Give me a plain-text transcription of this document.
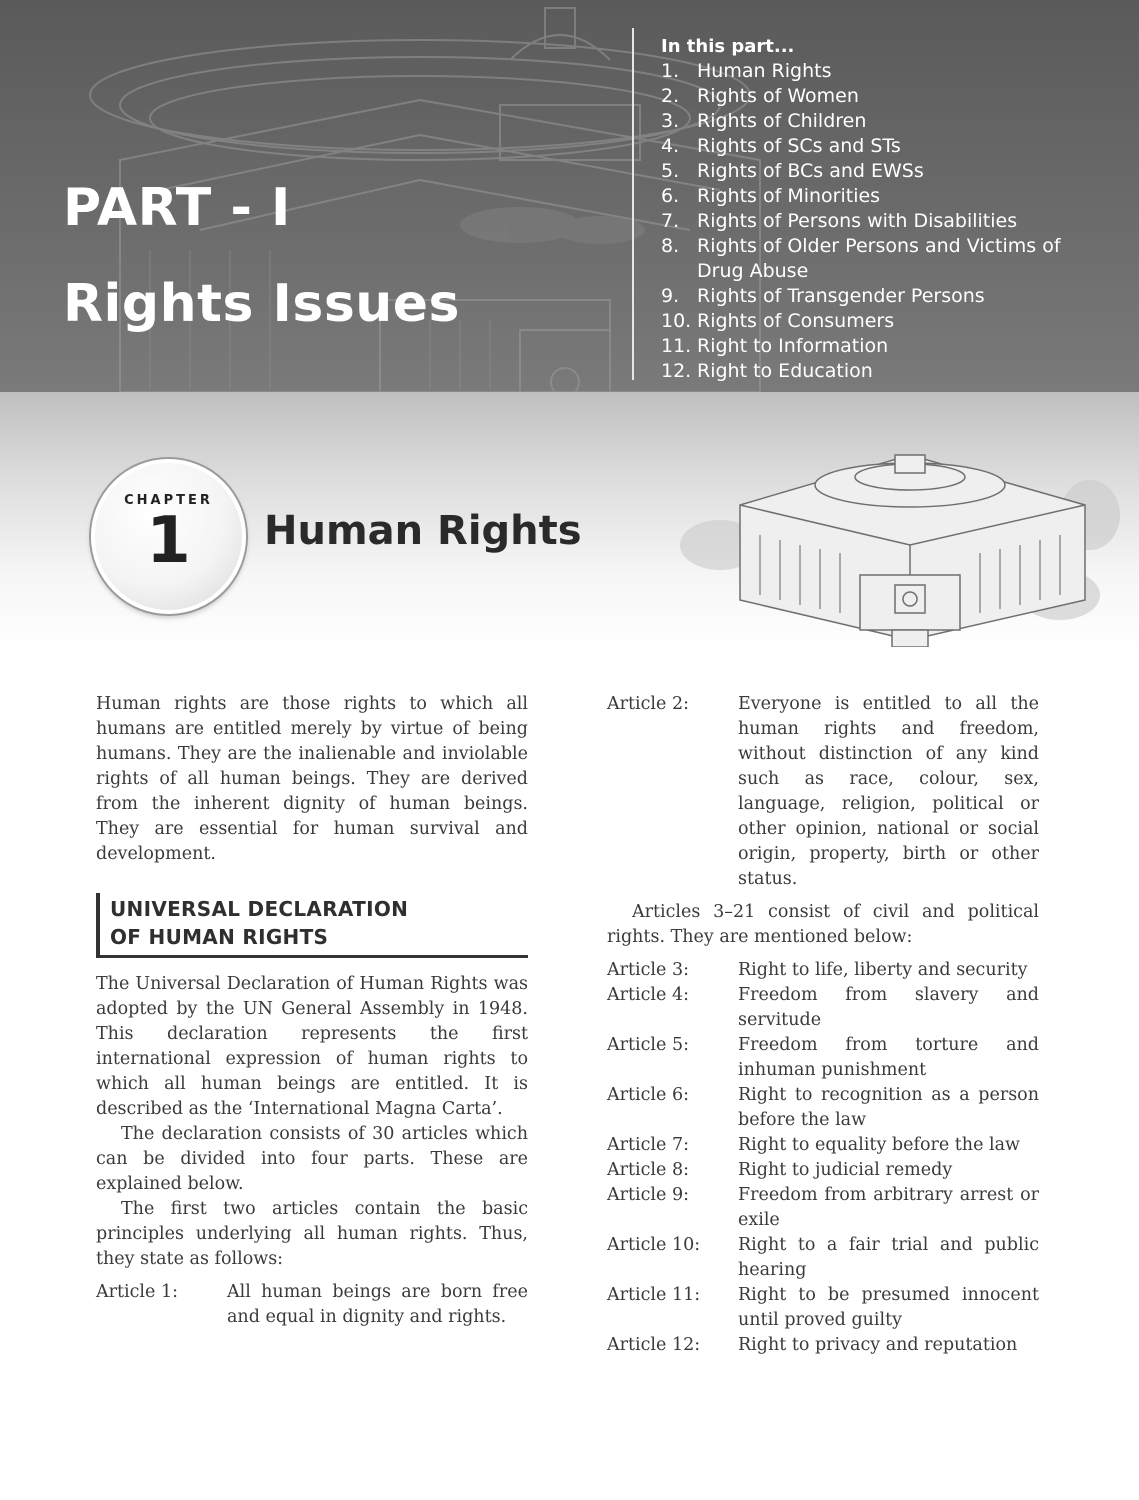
PART - I
Rights Issues
In this part...
1. Human Rights
2. Rights of Women
3. Rights of Children
4. Rights of SCs and STs
5. Rights of BCs and EWSs
6. Rights of Minorities
7. Rights of Persons with Disabilities
8. Rights of Older Persons and Victims of Drug Abuse
9. Rights of Transgender Persons
10. Rights of Consumers
11. Right to Information
12. Right to Education
CHAPTER
1	Human Rights

Human rights are those rights to which all humans are entitled merely by virtue of being humans. They are the inalienable and inviolable rights of all human beings. They are derived from the inherent dignity of human beings. They are essential for human survival and development.

UNIVERSAL DECLARATION
OF HUMAN RIGHTS

The Universal Declaration of Human Rights was adopted by the UN General Assembly in 1948. This declaration represents the first international expression of human rights to which all human beings are entitled. It is described as the ‘International Magna Carta’.

The declaration consists of 30 articles which can be divided into four parts. These are explained below.

The first two articles contain the basic principles underlying all human rights. Thus, they state as follows:

Article 1:	All human beings are born free and equal in dignity and rights.
Article 2:	Everyone is entitled to all the human rights and freedom, without distinction of any kind such as race, colour, sex, language, religion, political or other opinion, national or social origin, property, birth or other status.

Articles 3–21 consist of civil and political rights. They are mentioned below:

Article 3:	Right to life, liberty and security
Article 4:	Freedom from slavery and servitude
Article 5:	Freedom from torture and inhuman punishment
Article 6:	Right to recognition as a person before the law
Article 7:	Right to equality before the law
Article 8:	Right to judicial remedy
Article 9:	Freedom from arbitrary arrest or exile
Article 10:	Right to a fair trial and public hearing
Article 11:	Right to be presumed innocent until proved guilty
Article 12:	Right to privacy and reputation
